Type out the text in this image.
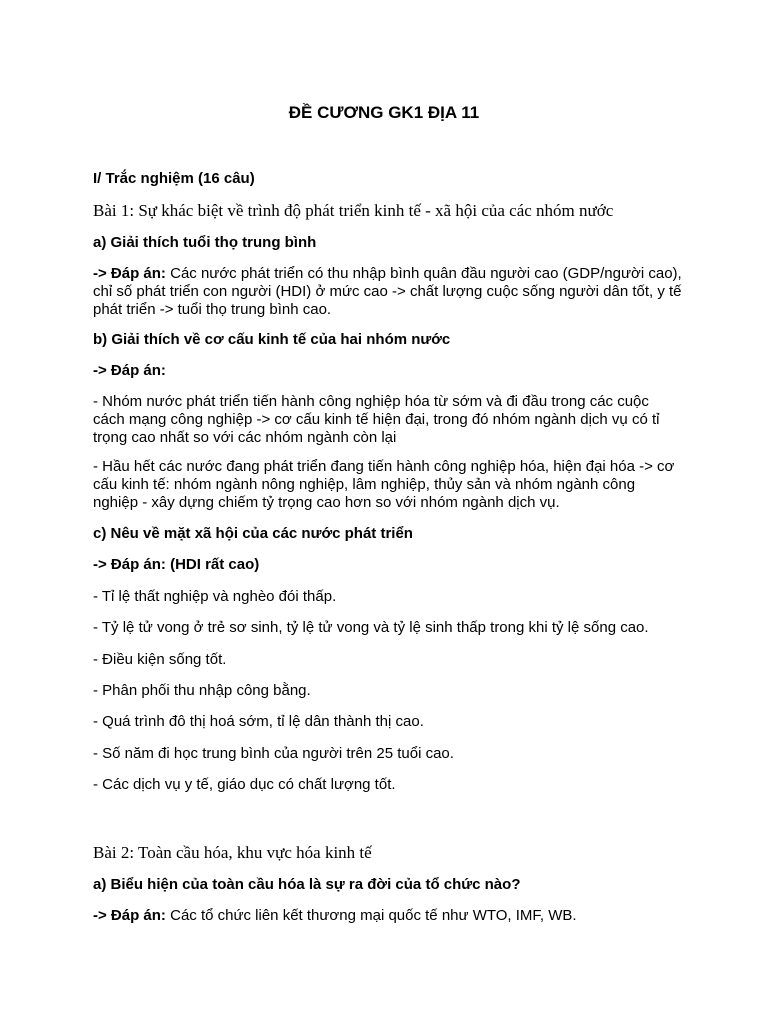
ĐỀ CƯƠNG GK1 ĐỊA 11
I/ Trắc nghiệm (16 câu)
Bài 1: Sự khác biệt về trình độ phát triển kinh tế - xã hội của các nhóm nước
a) Giải thích tuổi thọ trung bình
-> Đáp án: Các nước phát triển có thu nhập bình quân đầu người cao (GDP/người cao), chỉ số phát triển con người (HDI) ở mức cao -> chất lượng cuộc sống người dân tốt, y tế phát triển -> tuổi thọ trung bình cao.
b) Giải thích về cơ cấu kinh tế của hai nhóm nước
-> Đáp án:
- Nhóm nước phát triển tiến hành công nghiệp hóa từ sớm và đi đầu trong các cuộc cách mạng công nghiệp -> cơ cấu kinh tế hiện đại, trong đó nhóm ngành dịch vụ có tỉ trọng cao nhất so với các nhóm ngành còn lại
- Hầu hết các nước đang phát triển đang tiến hành công nghiệp hóa, hiện đại hóa -> cơ cấu kinh tế: nhóm ngành nông nghiệp, lâm nghiệp, thủy sản và nhóm ngành công nghiệp - xây dựng chiếm tỷ trọng cao hơn so với nhóm ngành dịch vụ.
c) Nêu về mặt xã hội của các nước phát triển
-> Đáp án: (HDI rất cao)
- Tỉ lệ thất nghiệp và nghèo đói thấp.
- Tỷ lệ tử vong ở trẻ sơ sinh, tỷ lệ tử vong và tỷ lệ sinh thấp trong khi tỷ lệ sống cao.
- Điều kiện sống tốt.
- Phân phối thu nhập công bằng.
- Quá trình đô thị hoá sớm, tỉ lệ dân thành thị cao.
- Số năm đi học trung bình của người trên 25 tuổi cao.
- Các dịch vụ y tế, giáo dục có chất lượng tốt.
Bài 2: Toàn cầu hóa, khu vực hóa kinh tế
a) Biểu hiện của toàn cầu hóa là sự ra đời của tổ chức nào?
-> Đáp án: Các tổ chức liên kết thương mại quốc tế như WTO, IMF, WB.
